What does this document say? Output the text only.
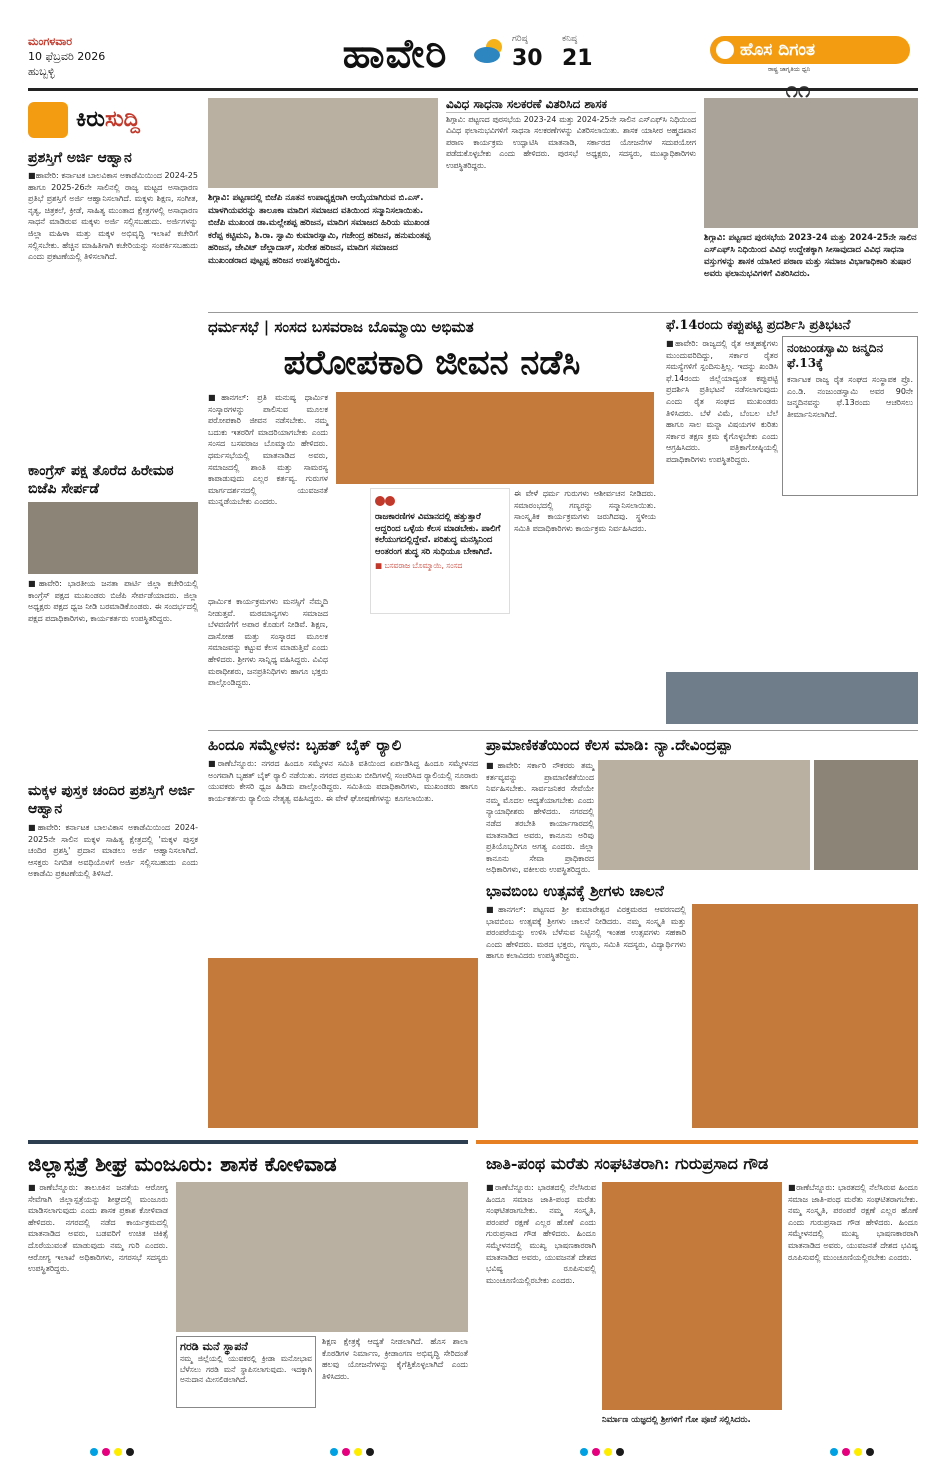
ಮಂಗಳವಾರ
10 ಫೆಬ್ರವರಿ 2026
ಹುಬ್ಬಳ್ಳಿ	ಹಾವೇರಿ	ಗರಿಷ್ಠ
30
ಕನಿಷ್ಠ
21	ಹೊಸ ದಿಗಂತ
ರಾಷ್ಟ್ರ ಜಾಗೃತಿಯ ಧ್ವನಿ
ಕಿರುಸುದ್ದಿ
ಪ್ರಶಸ್ತಿಗೆ ಅರ್ಜಿ ಆಹ್ವಾನ
■ಹಾವೇರಿ: ಕರ್ನಾಟಕ ಬಾಲವಿಕಾಸ ಅಕಾಡೆಮಿಯಿಂದ 2024-25 ಹಾಗೂ 2025-26ನೇ ಸಾಲಿನಲ್ಲಿ ರಾಜ್ಯ ಮಟ್ಟದ ಅಸಾಧಾರಣ ಪ್ರತಿಭೆ ಪ್ರಶಸ್ತಿಗೆ ಅರ್ಜಿ ಆಹ್ವಾನಿಸಲಾಗಿದೆ. ಮಕ್ಕಳು ಶಿಕ್ಷಣ, ಸಂಗೀತ, ನೃತ್ಯ, ಚಿತ್ರಕಲೆ, ಕ್ರೀಡೆ, ಸಾಹಿತ್ಯ ಮುಂತಾದ ಕ್ಷೇತ್ರಗಳಲ್ಲಿ ಅಸಾಧಾರಣ ಸಾಧನೆ ಮಾಡಿರುವ ಮಕ್ಕಳು ಅರ್ಜಿ ಸಲ್ಲಿಸಬಹುದು. ಅರ್ಜಿಗಳನ್ನು ಜಿಲ್ಲಾ ಮಹಿಳಾ ಮತ್ತು ಮಕ್ಕಳ ಅಭಿವೃದ್ಧಿ ಇಲಾಖೆ ಕಚೇರಿಗೆ ಸಲ್ಲಿಸಬೇಕು. ಹೆಚ್ಚಿನ ಮಾಹಿತಿಗಾಗಿ ಕಚೇರಿಯನ್ನು ಸಂಪರ್ಕಿಸಬಹುದು ಎಂದು ಪ್ರಕಟಣೆಯಲ್ಲಿ ತಿಳಿಸಲಾಗಿದೆ.
ಕಾಂಗ್ರೆಸ್ ಪಕ್ಷ ತೊರೆದ ಹಿರೇಮಠ ಬಿಜೆಪಿ ಸೇರ್ಪಡೆ
■ಹಾವೇರಿ: ಭಾರತೀಯ ಜನತಾ ಪಾರ್ಟಿ ಜಿಲ್ಲಾ ಕಚೇರಿಯಲ್ಲಿ ಕಾಂಗ್ರೆಸ್ ಪಕ್ಷದ ಮುಖಂಡರು ಬಿಜೆಪಿ ಸೇರ್ಪಡೆಯಾದರು. ಜಿಲ್ಲಾ ಅಧ್ಯಕ್ಷರು ಪಕ್ಷದ ಧ್ವಜ ನೀಡಿ ಬರಮಾಡಿಕೊಂಡರು. ಈ ಸಂದರ್ಭದಲ್ಲಿ ಪಕ್ಷದ ಪದಾಧಿಕಾರಿಗಳು, ಕಾರ್ಯಕರ್ತರು ಉಪಸ್ಥಿತರಿದ್ದರು.
ಮಕ್ಕಳ ಪುಸ್ತಕ ಚಂದಿರ ಪ್ರಶಸ್ತಿಗೆ ಅರ್ಜಿ ಆಹ್ವಾನ
■ಹಾವೇರಿ: ಕರ್ನಾಟಕ ಬಾಲವಿಕಾಸ ಅಕಾಡೆಮಿಯಿಂದ 2024-2025ನೇ ಸಾಲಿನ ಮಕ್ಕಳ ಸಾಹಿತ್ಯ ಕ್ಷೇತ್ರದಲ್ಲಿ 'ಮಕ್ಕಳ ಪುಸ್ತಕ ಚಂದಿರ ಪ್ರಶಸ್ತಿ' ಪ್ರದಾನ ಮಾಡಲು ಅರ್ಜಿ ಆಹ್ವಾನಿಸಲಾಗಿದೆ. ಆಸಕ್ತರು ನಿಗದಿತ ಅವಧಿಯೊಳಗೆ ಅರ್ಜಿ ಸಲ್ಲಿಸಬಹುದು ಎಂದು ಅಕಾಡೆಮಿ ಪ್ರಕಟಣೆಯಲ್ಲಿ ತಿಳಿಸಿದೆ.
ಶಿಗ್ಗಾವಿ: ಪಟ್ಟಣದಲ್ಲಿ ಬಿಜೆಪಿ ನೂತನ ಉಪಾಧ್ಯಕ್ಷರಾಗಿ ಆಯ್ಕೆಯಾಗಿರುವ ಬಿ.ಎಸ್. ಮಾಳಗಿಯವರನ್ನು ತಾಲೂಕಾ ಮಾದಿಗ ಸಮಾಜದ ವತಿಯಿಂದ ಸನ್ಮಾನಿಸಲಾಯಿತು. ಬಿಜೆಪಿ ಮುಖಂಡ ಡಾ.ಮಲ್ಲೇಶಪ್ಪ ಹರಿಜನ, ಮಾದಿಗ ಸಮಾಜದ ಹಿರಿಯ ಮುಖಂಡ ಕರೆಪ್ಪ ಕಟ್ಟಿಮನಿ, ಶಿ.ರಾ. ಸ್ವಾಮಿ ಕುಮಾರಸ್ವಾಮಿ, ಗಜೇಂದ್ರ ಹರಿಜನ, ಹನುಮಂತಪ್ಪ ಹರಿಜನ, ಜೇವಿಟ್ ಜೆಲ್ಲಾದಾಸ್, ಸುರೇಶ ಹರಿಜನ, ಮಾದಿಗ ಸಮಾಜದ ಮುಖಂಡರಾದ ಪುಟ್ಟಪ್ಪ ಹರಿಜನ ಉಪಸ್ಥಿತರಿದ್ದರು.
ವಿವಿಧ ಸಾಧನಾ ಸಲಕರಣೆ ವಿತರಿಸಿದ ಶಾಸಕ
ಶಿಗ್ಗಾವಿ: ಪಟ್ಟಣದ ಪುರಸಭೆಯ 2023-24 ಮತ್ತು 2024-25ನೇ ಸಾಲಿನ ಎಸ್‌ಎಫ್‌ಸಿ ನಿಧಿಯಿಂದ ವಿವಿಧ ಫಲಾನುಭವಿಗಳಿಗೆ ಸಾಧನಾ ಸಲಕರಣೆಗಳನ್ನು ವಿತರಿಸಲಾಯಿತು. ಶಾಸಕ ಯಾಸೀರ ಅಹ್ಮದಖಾನ ಪಠಾಣ ಕಾರ್ಯಕ್ರಮ ಉದ್ಘಾಟಿಸಿ ಮಾತನಾಡಿ, ಸರ್ಕಾರದ ಯೋಜನೆಗಳ ಸದುಪಯೋಗ ಪಡೆದುಕೊಳ್ಳಬೇಕು ಎಂದು ಹೇಳಿದರು. ಪುರಸಭೆ ಅಧ್ಯಕ್ಷರು, ಸದಸ್ಯರು, ಮುಖ್ಯಾಧಿಕಾರಿಗಳು ಉಪಸ್ಥಿತರಿದ್ದರು.
ಶಿಗ್ಗಾವಿ: ಪಟ್ಟಣದ ಪುರಸಭೆಯ 2023-24 ಮತ್ತು 2024-25ನೇ ಸಾಲಿನ ಎಸ್‌ಎಫ್‌ಸಿ ನಿಧಿಯಿಂದ ವಿವಿಧ ಉದ್ದೇಶಕ್ಕಾಗಿ ಸೀಸಾವುದಾದ ವಿವಿಧ ಸಾಧನಾ ವಸ್ತುಗಳನ್ನು ಶಾಸಕ ಯಾಸೀರ ಪಠಾಣ ಮತ್ತು ಸಮಾಜ ವಿಭಾಗಾಧಿಕಾರಿ ತುಷಾರ ಅವರು ಫಲಾನುಭವಿಗಳಿಗೆ ವಿತರಿಸಿದರು.
ಧರ್ಮಸಭೆ | ಸಂಸದ ಬಸವರಾಜ ಬೊಮ್ಮಾಯಿ ಅಭಿಮತ
ಪರೋಪಕಾರಿ ಜೀವನ ನಡೆಸಿ
■ಹಾನಗಲ್: ಪ್ರತಿ ಮನುಷ್ಯ ಧಾರ್ಮಿಕ ಸಂಸ್ಕಾರಗಳನ್ನು ಪಾಲಿಸುವ ಮೂಲಕ ಪರೋಪಕಾರಿ ಜೀವನ ನಡೆಸಬೇಕು. ನಮ್ಮ ಬದುಕು ಇತರರಿಗೆ ಮಾದರಿಯಾಗಬೇಕು ಎಂದು ಸಂಸದ ಬಸವರಾಜ ಬೊಮ್ಮಾಯಿ ಹೇಳಿದರು. ಧರ್ಮಸಭೆಯಲ್ಲಿ ಮಾತನಾಡಿದ ಅವರು, ಸಮಾಜದಲ್ಲಿ ಶಾಂತಿ ಮತ್ತು ಸಾಮರಸ್ಯ ಕಾಪಾಡುವುದು ಎಲ್ಲರ ಕರ್ತವ್ಯ. ಗುರುಗಳ ಮಾರ್ಗದರ್ಶನದಲ್ಲಿ ಯುವಜನತೆ ಮುನ್ನಡೆಯಬೇಕು ಎಂದರು.
ಧಾರ್ಮಿಕ ಕಾರ್ಯಕ್ರಮಗಳು ಮನಸ್ಸಿಗೆ ನೆಮ್ಮದಿ ನೀಡುತ್ತವೆ. ಮಠಮಾನ್ಯಗಳು ಸಮಾಜದ ಬೆಳವಣಿಗೆಗೆ ಅಪಾರ ಕೊಡುಗೆ ನೀಡಿವೆ. ಶಿಕ್ಷಣ, ದಾಸೋಹ ಮತ್ತು ಸಂಸ್ಕಾರದ ಮೂಲಕ ಸಮಾಜವನ್ನು ಕಟ್ಟುವ ಕೆಲಸ ಮಾಡುತ್ತಿವೆ ಎಂದು ಹೇಳಿದರು. ಶ್ರೀಗಳು ಸಾನ್ನಿಧ್ಯ ವಹಿಸಿದ್ದರು. ವಿವಿಧ ಮಠಾಧೀಶರು, ಜನಪ್ರತಿನಿಧಿಗಳು ಹಾಗೂ ಭಕ್ತರು ಪಾಲ್ಗೊಂಡಿದ್ದರು.
ರಾಜಕಾರಣಿಗಳ ವಿಮಾನದಲ್ಲಿ ಹತ್ತುತ್ತಾರೆ ಆದ್ದರಿಂದ ಒಳ್ಳೆಯ ಕೆಲಸ ಮಾಡಬೇಕು. ಪಾಲಿಗೆ ಕಲೆಯುಗದಲ್ಲಿದ್ದೇವೆ. ಪರಿಶುದ್ಧ ಮನಸ್ಸಿನಿಂದ ಆಂತರಂಗ ಶುದ್ಧ ಸರಿ ಸುಧಿಯೂ ಬೇಕಾಗಿದೆ.
■ ಬಸವರಾಜ ಬೊಮ್ಮಾಯಿ, ಸಂಸದ
ಈ ವೇಳೆ ಧರ್ಮ ಗುರುಗಳು ಆಶೀರ್ವಚನ ನೀಡಿದರು. ಸಮಾರಂಭದಲ್ಲಿ ಗಣ್ಯರನ್ನು ಸನ್ಮಾನಿಸಲಾಯಿತು. ಸಾಂಸ್ಕೃತಿಕ ಕಾರ್ಯಕ್ರಮಗಳು ಜರುಗಿದವು. ಸ್ಥಳೀಯ ಸಮಿತಿ ಪದಾಧಿಕಾರಿಗಳು ಕಾರ್ಯಕ್ರಮ ನಿರ್ವಹಿಸಿದರು.
ಫೆ.14ರಂದು ಕಪ್ಪುಪಟ್ಟಿ ಪ್ರದರ್ಶಿಸಿ ಪ್ರತಿಭಟನೆ
ನಂಜುಂಡಸ್ವಾಮಿ ಜನ್ಮದಿನ ಫೆ.13ಕ್ಕೆ
ಕರ್ನಾಟಕ ರಾಜ್ಯ ರೈತ ಸಂಘದ ಸಂಸ್ಥಾಪಕ ಪ್ರೊ. ಎಂ.ಡಿ. ನಂಜುಂಡಸ್ವಾಮಿ ಅವರ 90ನೇ ಜನ್ಮದಿನವನ್ನು ಫೆ.13ರಂದು ಆಚರಿಸಲು ತೀರ್ಮಾನಿಸಲಾಗಿದೆ.
■ಹಾವೇರಿ: ರಾಜ್ಯದಲ್ಲಿ ರೈತ ಆತ್ಮಹತ್ಯೆಗಳು ಮುಂದುವರಿದಿದ್ದು, ಸರ್ಕಾರ ರೈತರ ಸಮಸ್ಯೆಗಳಿಗೆ ಸ್ಪಂದಿಸುತ್ತಿಲ್ಲ. ಇದನ್ನು ಖಂಡಿಸಿ ಫೆ.14ರಂದು ಜಿಲ್ಲೆಯಾದ್ಯಂತ ಕಪ್ಪುಪಟ್ಟಿ ಪ್ರದರ್ಶಿಸಿ ಪ್ರತಿಭಟನೆ ನಡೆಸಲಾಗುವುದು ಎಂದು ರೈತ ಸಂಘದ ಮುಖಂಡರು ತಿಳಿಸಿದರು. ಬೆಳೆ ವಿಮೆ, ಬೆಂಬಲ ಬೆಲೆ ಹಾಗೂ ಸಾಲ ಮನ್ನಾ ವಿಷಯಗಳ ಕುರಿತು ಸರ್ಕಾರ ತಕ್ಷಣ ಕ್ರಮ ಕೈಗೊಳ್ಳಬೇಕು ಎಂದು ಆಗ್ರಹಿಸಿದರು. ಪತ್ರಿಕಾಗೋಷ್ಠಿಯಲ್ಲಿ ಪದಾಧಿಕಾರಿಗಳು ಉಪಸ್ಥಿತರಿದ್ದರು.
ಹಿಂದೂ ಸಮ್ಮೇಳನ: ಬೃಹತ್ ಬೈಕ್ ರ‍್ಯಾಲಿ
■ರಾಣೆಬೆನ್ನೂರು: ನಗರದ ಹಿಂದೂ ಸಮ್ಮೇಳನ ಸಮಿತಿ ವತಿಯಿಂದ ಏರ್ಪಡಿಸಿದ್ದ ಹಿಂದೂ ಸಮ್ಮೇಳನದ ಅಂಗವಾಗಿ ಬೃಹತ್ ಬೈಕ್ ರ‍್ಯಾಲಿ ನಡೆಯಿತು. ನಗರದ ಪ್ರಮುಖ ಬೀದಿಗಳಲ್ಲಿ ಸಂಚರಿಸಿದ ರ‍್ಯಾಲಿಯಲ್ಲಿ ನೂರಾರು ಯುವಕರು ಕೇಸರಿ ಧ್ವಜ ಹಿಡಿದು ಪಾಲ್ಗೊಂಡಿದ್ದರು. ಸಮಿತಿಯ ಪದಾಧಿಕಾರಿಗಳು, ಮುಖಂಡರು ಹಾಗೂ ಕಾರ್ಯಕರ್ತರು ರ‍್ಯಾಲಿಯ ನೇತೃತ್ವ ವಹಿಸಿದ್ದರು. ಈ ವೇಳೆ ಘೋಷಣೆಗಳನ್ನು ಕೂಗಲಾಯಿತು.
ಪ್ರಾಮಾಣಿಕತೆಯಿಂದ ಕೆಲಸ ಮಾಡಿ: ನ್ಯಾ.ದೇವಿಂದ್ರಪ್ಪಾ
■ಹಾವೇರಿ: ಸರ್ಕಾರಿ ನೌಕರರು ತಮ್ಮ ಕರ್ತವ್ಯವನ್ನು ಪ್ರಾಮಾಣಿಕತೆಯಿಂದ ನಿರ್ವಹಿಸಬೇಕು. ಸಾರ್ವಜನಿಕರ ಸೇವೆಯೇ ನಮ್ಮ ಮೊದಲ ಆದ್ಯತೆಯಾಗಬೇಕು ಎಂದು ನ್ಯಾಯಾಧೀಶರು ಹೇಳಿದರು. ನಗರದಲ್ಲಿ ನಡೆದ ತರಬೇತಿ ಕಾರ್ಯಾಗಾರದಲ್ಲಿ ಮಾತನಾಡಿದ ಅವರು, ಕಾನೂನು ಅರಿವು ಪ್ರತಿಯೊಬ್ಬರಿಗೂ ಅಗತ್ಯ ಎಂದರು. ಜಿಲ್ಲಾ ಕಾನೂನು ಸೇವಾ ಪ್ರಾಧಿಕಾರದ ಅಧಿಕಾರಿಗಳು, ವಕೀಲರು ಉಪಸ್ಥಿತರಿದ್ದರು.
ಭಾವಬಿಂಬ ಉತ್ಸವಕ್ಕೆ ಶ್ರೀಗಳು ಚಾಲನೆ
■ಹಾನಗಲ್: ಪಟ್ಟಣದ ಶ್ರೀ ಕುಮಾರೇಶ್ವರ ವಿರಕ್ತಮಠದ ಆವರಣದಲ್ಲಿ ಭಾವಬಿಂಬ ಉತ್ಸವಕ್ಕೆ ಶ್ರೀಗಳು ಚಾಲನೆ ನೀಡಿದರು. ನಮ್ಮ ಸಂಸ್ಕೃತಿ ಮತ್ತು ಪರಂಪರೆಯನ್ನು ಉಳಿಸಿ ಬೆಳೆಸುವ ನಿಟ್ಟಿನಲ್ಲಿ ಇಂತಹ ಉತ್ಸವಗಳು ಸಹಕಾರಿ ಎಂದು ಹೇಳಿದರು. ಮಠದ ಭಕ್ತರು, ಗಣ್ಯರು, ಸಮಿತಿ ಸದಸ್ಯರು, ವಿದ್ಯಾರ್ಥಿಗಳು ಹಾಗೂ ಕಲಾವಿದರು ಉಪಸ್ಥಿತರಿದ್ದರು.
ಜಿಲ್ಲಾಸ್ಪತ್ರೆ ಶೀಘ್ರ ಮಂಜೂರು: ಶಾಸಕ ಕೋಳಿವಾಡ
■ರಾಣೆಬೆನ್ನೂರು: ತಾಲೂಕಿನ ಜನತೆಯ ಆರೋಗ್ಯ ಸೇವೆಗಾಗಿ ಜಿಲ್ಲಾಸ್ಪತ್ರೆಯನ್ನು ಶೀಘ್ರದಲ್ಲಿ ಮಂಜೂರು ಮಾಡಿಸಲಾಗುವುದು ಎಂದು ಶಾಸಕ ಪ್ರಕಾಶ ಕೋಳಿವಾಡ ಹೇಳಿದರು. ನಗರದಲ್ಲಿ ನಡೆದ ಕಾರ್ಯಕ್ರಮದಲ್ಲಿ ಮಾತನಾಡಿದ ಅವರು, ಬಡವರಿಗೆ ಉಚಿತ ಚಿಕಿತ್ಸೆ ದೊರೆಯುವಂತೆ ಮಾಡುವುದು ನಮ್ಮ ಗುರಿ ಎಂದರು. ಆರೋಗ್ಯ ಇಲಾಖೆ ಅಧಿಕಾರಿಗಳು, ನಗರಸಭೆ ಸದಸ್ಯರು ಉಪಸ್ಥಿತರಿದ್ದರು.
ಗರಡಿ ಮನೆ ಸ್ಥಾಪನೆ
ನಮ್ಮ ಜಿಲ್ಲೆಯಲ್ಲಿ ಯುವಕರಲ್ಲಿ ಕ್ರೀಡಾ ಮನೋಭಾವ ಬೆಳೆಸಲು ಗರಡಿ ಮನೆ ಸ್ಥಾಪಿಸಲಾಗುವುದು. ಇದಕ್ಕಾಗಿ ಅನುದಾನ ಮೀಸಲಿಡಲಾಗಿದೆ.
ಶಿಕ್ಷಣ ಕ್ಷೇತ್ರಕ್ಕೆ ಆದ್ಯತೆ ನೀಡಲಾಗಿದೆ. ಹೊಸ ಶಾಲಾ ಕೊಠಡಿಗಳ ನಿರ್ಮಾಣ, ಕ್ರೀಡಾಂಗಣ ಅಭಿವೃದ್ಧಿ ಸೇರಿದಂತೆ ಹಲವು ಯೋಜನೆಗಳನ್ನು ಕೈಗೆತ್ತಿಕೊಳ್ಳಲಾಗಿದೆ ಎಂದು ತಿಳಿಸಿದರು.
ಜಾತಿ-ಪಂಥ ಮರೆತು ಸಂಘಟಿತರಾಗಿ: ಗುರುಪ್ರಸಾದ ಗೌಡ
■ರಾಣೆಬೆನ್ನೂರು: ಭಾರತದಲ್ಲಿ ನೆಲೆಸಿರುವ ಹಿಂದೂ ಸಮಾಜ ಜಾತಿ-ಪಂಥ ಮರೆತು ಸಂಘಟಿತರಾಗಬೇಕು. ನಮ್ಮ ಸಂಸ್ಕೃತಿ, ಪರಂಪರೆ ರಕ್ಷಣೆ ಎಲ್ಲರ ಹೊಣೆ ಎಂದು ಗುರುಪ್ರಸಾದ ಗೌಡ ಹೇಳಿದರು. ಹಿಂದೂ ಸಮ್ಮೇಳನದಲ್ಲಿ ಮುಖ್ಯ ಭಾಷಣಕಾರರಾಗಿ ಮಾತನಾಡಿದ ಅವರು, ಯುವಜನತೆ ದೇಶದ ಭವಿಷ್ಯ ರೂಪಿಸುವಲ್ಲಿ ಮುಂಚೂಣಿಯಲ್ಲಿರಬೇಕು ಎಂದರು.
ನಿರ್ಮಾಣ ಯಜ್ಞದಲ್ಲಿ ಶ್ರೀಗಳಿಗೆ ಗೋ ಪೂಜೆ ಸಲ್ಲಿಸಿದರು.
■ರಾಣೆಬೆನ್ನೂರು: ಭಾರತದಲ್ಲಿ ನೆಲೆಸಿರುವ ಹಿಂದೂ ಸಮಾಜ ಜಾತಿ-ಪಂಥ ಮರೆತು ಸಂಘಟಿತರಾಗಬೇಕು. ನಮ್ಮ ಸಂಸ್ಕೃತಿ, ಪರಂಪರೆ ರಕ್ಷಣೆ ಎಲ್ಲರ ಹೊಣೆ ಎಂದು ಗುರುಪ್ರಸಾದ ಗೌಡ ಹೇಳಿದರು. ಹಿಂದೂ ಸಮ್ಮೇಳನದಲ್ಲಿ ಮುಖ್ಯ ಭಾಷಣಕಾರರಾಗಿ ಮಾತನಾಡಿದ ಅವರು, ಯುವಜನತೆ ದೇಶದ ಭವಿಷ್ಯ ರೂಪಿಸುವಲ್ಲಿ ಮುಂಚೂಣಿಯಲ್ಲಿರಬೇಕು ಎಂದರು.
